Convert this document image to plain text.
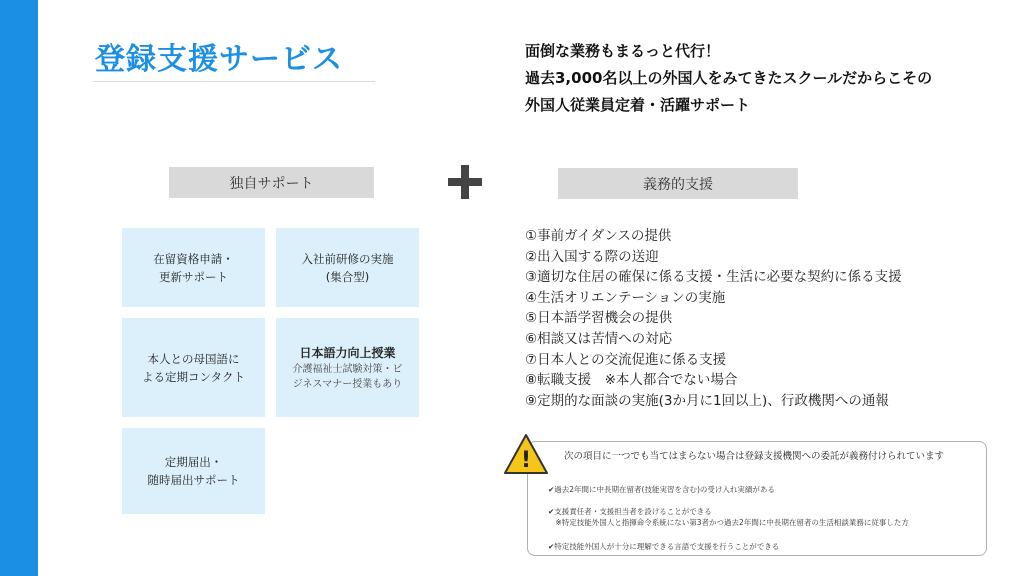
登録支援サービス	面倒な業務もまるっと代行！
過去3,000名以上の外国人をみてきたスクールだからこその
外国人従業員定着・活躍サポート
独自サポート	義務的支援
在留資格申請・
更新サポート
入社前研修の実施
(集合型)
本人との母国語に
よる定期コンタクト
日本語力向上授業
介護福祉士試験対策・ビ
ジネスマナー授業もあり
定期届出・
随時届出サポート
①事前ガイダンスの提供
②出入国する際の送迎
③適切な住居の確保に係る支援・生活に必要な契約に係る支援
④生活オリエンテーションの実施
⑤日本語学習機会の提供
⑥相談又は苦情への対応
⑦日本人との交流促進に係る支援
⑧転職支援　※本人都合でない場合
⑨定期的な面談の実施(3か月に1回以上)、行政機関への通報
次の項目に一つでも当てはまらない場合は登録支援機関への委託が義務付けられています
✔過去2年間に中長期在留者(技能実習を含む)の受け入れ実績がある
✔支援責任者・支援担当者を設けることができる
　※特定技能外国人と指揮命令系統にない第3者かつ過去2年間に中長期在留者の生活相談業務に従事した方
✔特定技能外国人が十分に理解できる言語で支援を行うことができる
!
